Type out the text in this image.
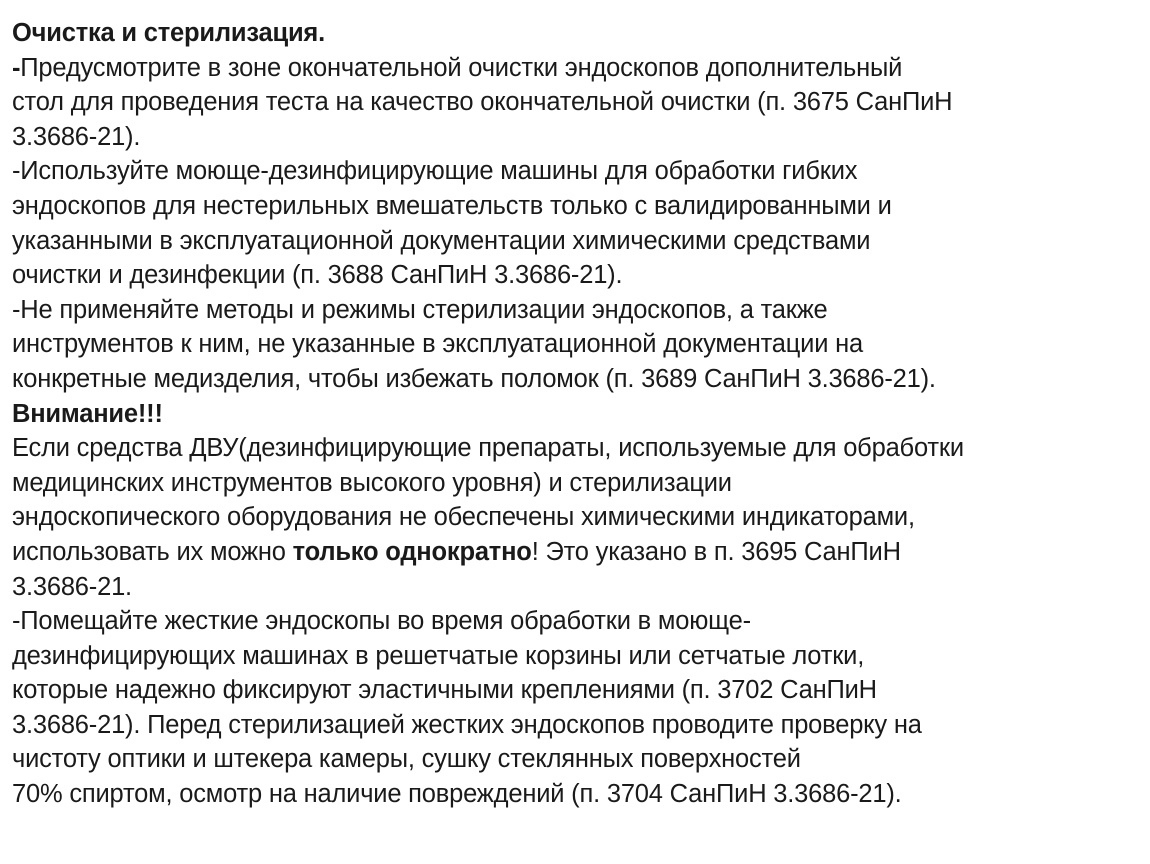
Очистка и стерилизация.
-Предусмотрите в зоне окончательной очистки эндоскопов дополнительный
стол для проведения теста на качество окончательной очистки (п. 3675 СанПиН
3.3686-21).
-Используйте моюще-дезинфицирующие машины для обработки гибких
эндоскопов для нестерильных вмешательств только с валидированными и
указанными в эксплуатационной документации химическими средствами
очистки и дезинфекции (п. 3688 СанПиН 3.3686-21).
-Не применяйте методы и режимы стерилизации эндоскопов, а также
инструментов к ним, не указанные в эксплуатационной документации на
конкретные медизделия, чтобы избежать поломок (п. 3689 СанПиН 3.3686-21).
Внимание!!!
Если средства ДВУ(дезинфицирующие препараты, используемые для обработки
медицинских инструментов высокого уровня) и стерилизации
эндоскопического оборудования не обеспечены химическими индикаторами,
использовать их можно только однократно! Это указано в п. 3695 СанПиН
3.3686-21.
-Помещайте жесткие эндоскопы во время обработки в моюще-
дезинфицирующих машинах в решетчатые корзины или сетчатые лотки,
которые надежно фиксируют эластичными креплениями (п. 3702 СанПиН
3.3686-21). Перед стерилизацией жестких эндоскопов проводите проверку на
чистоту оптики и штекера камеры, сушку стеклянных поверхностей
70% спиртом, осмотр на наличие повреждений (п. 3704 СанПиН 3.3686-21).
